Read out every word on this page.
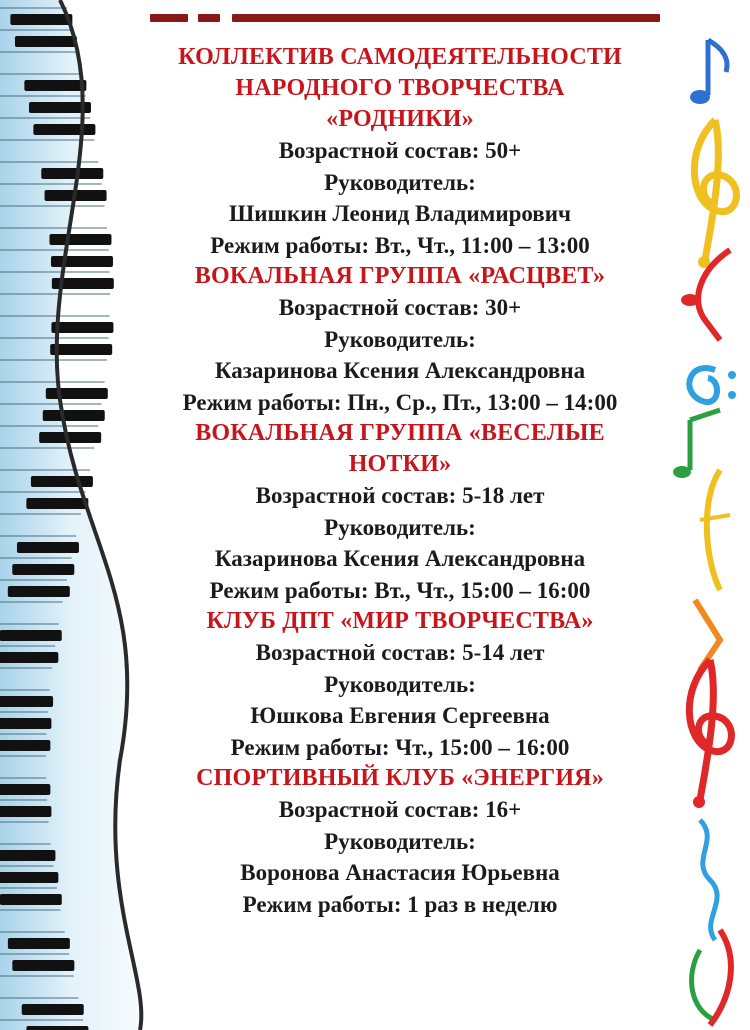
КОЛЛЕКТИВ САМОДЕЯТЕЛЬНОСТИ
НАРОДНОГО ТВОРЧЕСТВА
«РОДНИКИ»
Возрастной состав: 50+
Руководитель:
Шишкин Леонид Владимирович
Режим работы: Вт., Чт., 11:00 – 13:00
ВОКАЛЬНАЯ ГРУППА «РАСЦВЕТ»
Возрастной состав: 30+
Руководитель:
Казаринова Ксения Александровна
Режим работы: Пн., Ср., Пт., 13:00 – 14:00
ВОКАЛЬНАЯ ГРУППА «ВЕСЕЛЫЕ
НОТКИ»
Возрастной состав: 5-18 лет
Руководитель:
Казаринова Ксения Александровна
Режим работы: Вт., Чт., 15:00 – 16:00
КЛУБ ДПТ «МИР ТВОРЧЕСТВА»
Возрастной состав: 5-14 лет
Руководитель:
Юшкова Евгения Сергеевна
Режим работы: Чт., 15:00 – 16:00
СПОРТИВНЫЙ КЛУБ «ЭНЕРГИЯ»
Возрастной состав: 16+
Руководитель:
Воронова Анастасия Юрьевна
Режим работы: 1 раз в неделю
